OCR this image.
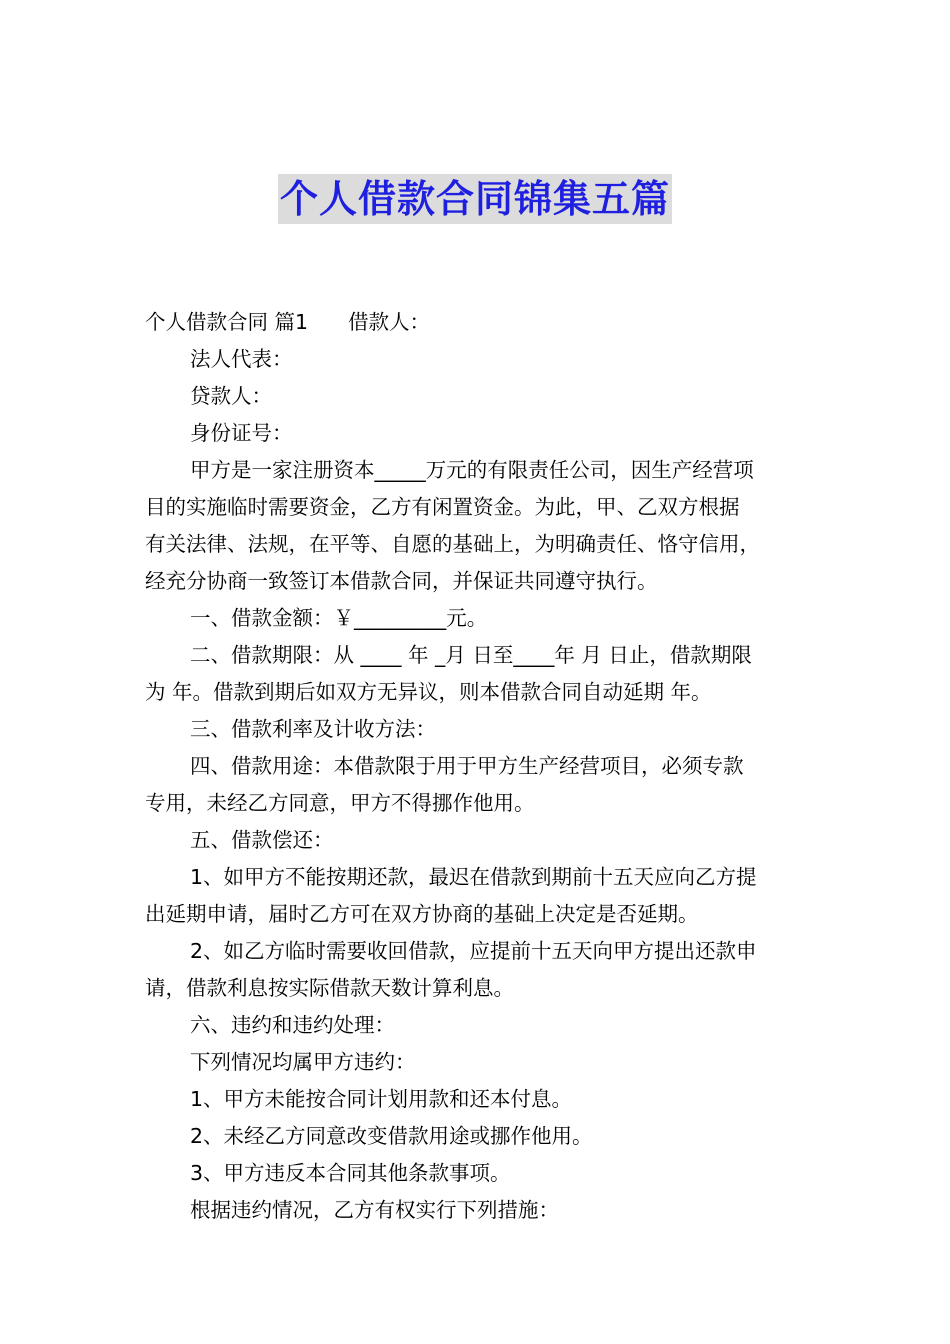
个人借款合同锦集五篇

个人借款合同 篇1 借款人：

法人代表：

贷款人：

身份证号：

甲方是一家注册资本_____万元的有限责任公司，因生产经营项

目的实施临时需要资金，乙方有闲置资金。为此，甲、乙双方根据

有关法律、法规，在平等、自愿的基础上，为明确责任、恪守信用，

经充分协商一致签订本借款合同，并保证共同遵守执行。

一、借款金额：￥_________元。

二、借款期限：从 ____ 年 _月 日至____年 月 日止，借款期限

为 年。借款到期后如双方无异议，则本借款合同自动延期 年。

三、借款利率及计收方法：

四、借款用途：本借款限于用于甲方生产经营项目，必须专款

专用，未经乙方同意，甲方不得挪作他用。

五、借款偿还：

1、如甲方不能按期还款，最迟在借款到期前十五天应向乙方提

出延期申请，届时乙方可在双方协商的基础上决定是否延期。

2、如乙方临时需要收回借款，应提前十五天向甲方提出还款申

请，借款利息按实际借款天数计算利息。

六、违约和违约处理：

下列情况均属甲方违约：

1、甲方未能按合同计划用款和还本付息。

2、未经乙方同意改变借款用途或挪作他用。

3、甲方违反本合同其他条款事项。

根据违约情况，乙方有权实行下列措施：
